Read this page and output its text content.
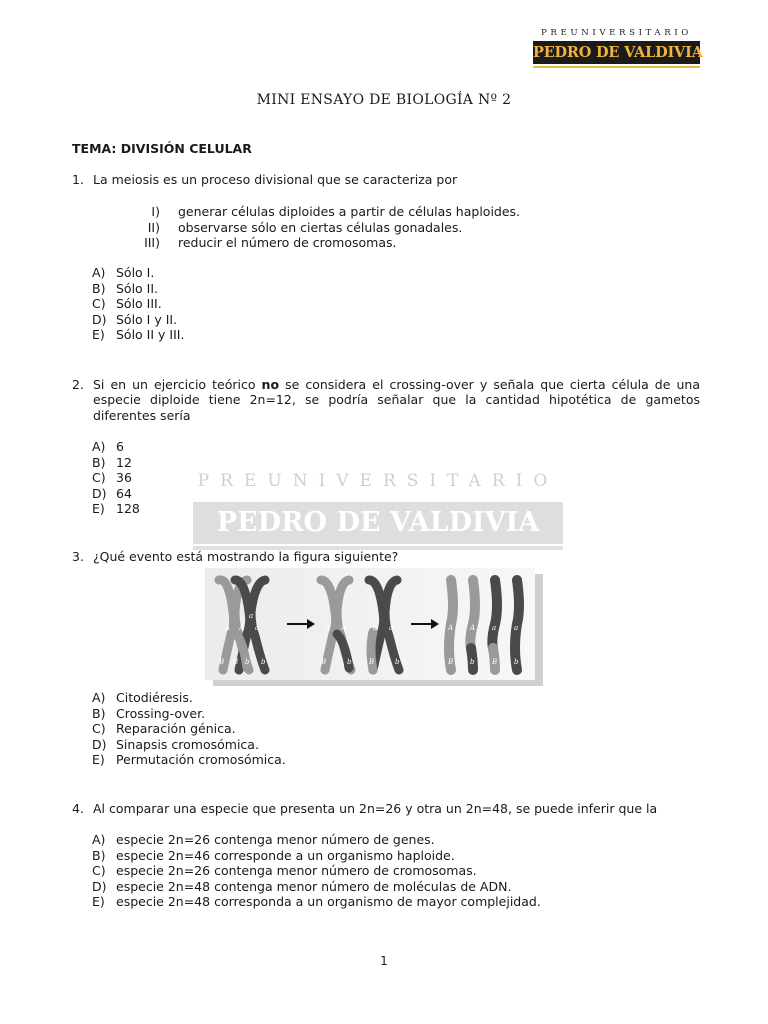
PREUNIVERSITARIO
PEDRO DE VALDIVIA
MINI ENSAYO DE BIOLOGÍA Nº 2
TEMA: DIVISIÓN CELULAR
1. La meiosis es un proceso divisional que se caracteriza por
I) generar células diploides a partir de células haploides.
II) observarse sólo en ciertas células gonadales.
III) reducir el número de cromosomas.
A) Sólo I.
B) Sólo II.
C) Sólo III.
D) Sólo I y II.
E) Sólo II y III.
PREUNIVERSITARIO
PEDRO DE VALDIVIA
2. Si en un ejercicio teórico no se considera el crossing-over y señala que cierta célula de una especie diploide tiene 2n=12, se podría señalar que la cantidad hipotética de gametos diferentes sería
A) 6
B) 12
C) 36
D) 64
E) 128
3. ¿Qué evento está mostrando la figura siguiente?
A A
a
a
B B b b
A A
B	b
a a
B	b
A A a	a
B b	B b
A) Citodiéresis.
B) Crossing-over.
C) Reparación génica.
D) Sinapsis cromosómica.
E) Permutación cromosómica.
4. Al comparar una especie que presenta un 2n=26 y otra un 2n=48, se puede inferir que la
A) especie 2n=26 contenga menor número de genes.
B) especie 2n=46 corresponde a un organismo haploide.
C) especie 2n=26 contenga menor número de cromosomas.
D) especie 2n=48 contenga menor número de moléculas de ADN.
E) especie 2n=48 corresponda a un organismo de mayor complejidad.
1
